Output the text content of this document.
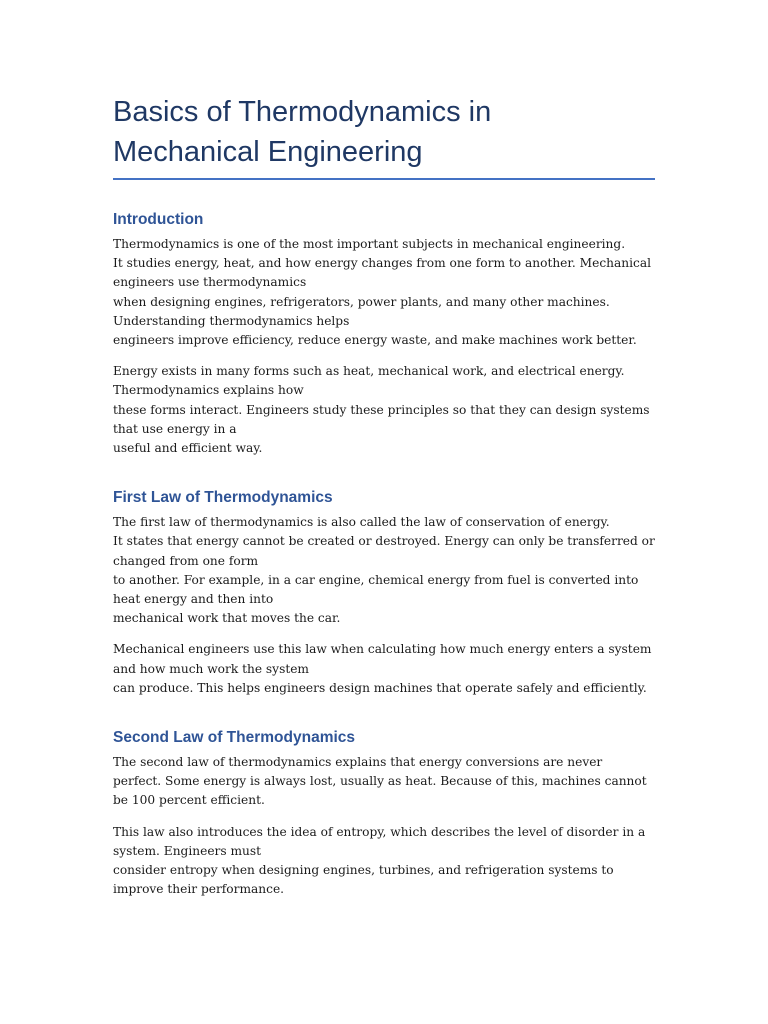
Basics of Thermodynamics in
Mechanical Engineering
Introduction

Thermodynamics is one of the most important subjects in mechanical engineering.
It studies energy, heat, and how energy changes from one form to another. Mechanical engineers use thermodynamics
when designing engines, refrigerators, power plants, and many other machines. Understanding thermodynamics helps
engineers improve efficiency, reduce energy waste, and make machines work better.

Energy exists in many forms such as heat, mechanical work, and electrical energy. Thermodynamics explains how
these forms interact. Engineers study these principles so that they can design systems that use energy in a
useful and efficient way.

First Law of Thermodynamics

The first law of thermodynamics is also called the law of conservation of energy.
It states that energy cannot be created or destroyed. Energy can only be transferred or changed from one form
to another. For example, in a car engine, chemical energy from fuel is converted into heat energy and then into
mechanical work that moves the car.

Mechanical engineers use this law when calculating how much energy enters a system and how much work the system
can produce. This helps engineers design machines that operate safely and efficiently.

Second Law of Thermodynamics

The second law of thermodynamics explains that energy conversions are never
perfect. Some energy is always lost, usually as heat. Because of this, machines cannot be 100 percent efficient.

This law also introduces the idea of entropy, which describes the level of disorder in a system. Engineers must
consider entropy when designing engines, turbines, and refrigeration systems to improve their performance.
